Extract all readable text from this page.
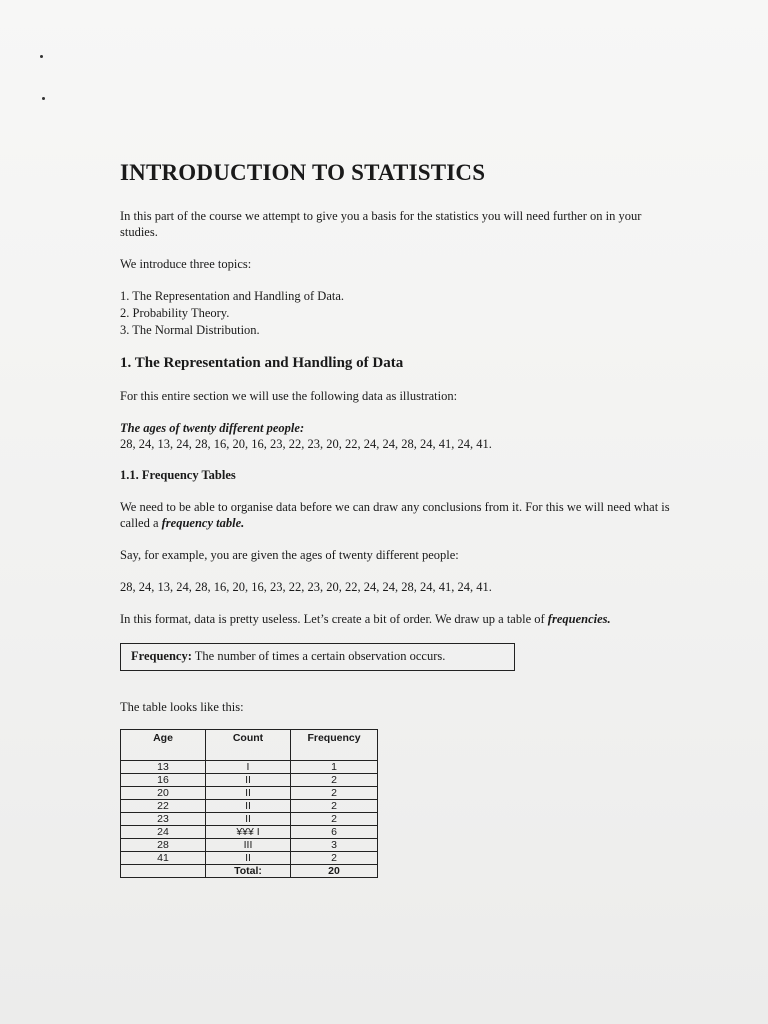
INTRODUCTION TO STATISTICS

In this part of the course we attempt to give you a basis for the statistics you will need further on in your studies.

We introduce three topics:

1. The Representation and Handling of Data.

2. Probability Theory.

3. The Normal Distribution.

1. The Representation and Handling of Data

For this entire section we will use the following data as illustration:

The ages of twenty different people:

28, 24, 13, 24, 28, 16, 20, 16, 23, 22, 23, 20, 22, 24, 24, 28, 24, 41, 24, 41.

1.1. Frequency Tables

We need to be able to organise data before we can draw any conclusions from it. For this we will need what is called a frequency table.

Say, for example, you are given the ages of twenty different people:

28, 24, 13, 24, 28, 16, 20, 16, 23, 22, 23, 20, 22, 24, 24, 28, 24, 41, 24, 41.

In this format, data is pretty useless. Let’s create a bit of order. We draw up a table of frequencies.

Frequency: The number of times a certain observation occurs.

The table looks like this:

Age	Count	Frequency
13	I	1
16	II	2
20	II	2
22	II	2
23	II	2
24	¥¥¥ I	6
28	III	3
41	II	2
	Total:	20
